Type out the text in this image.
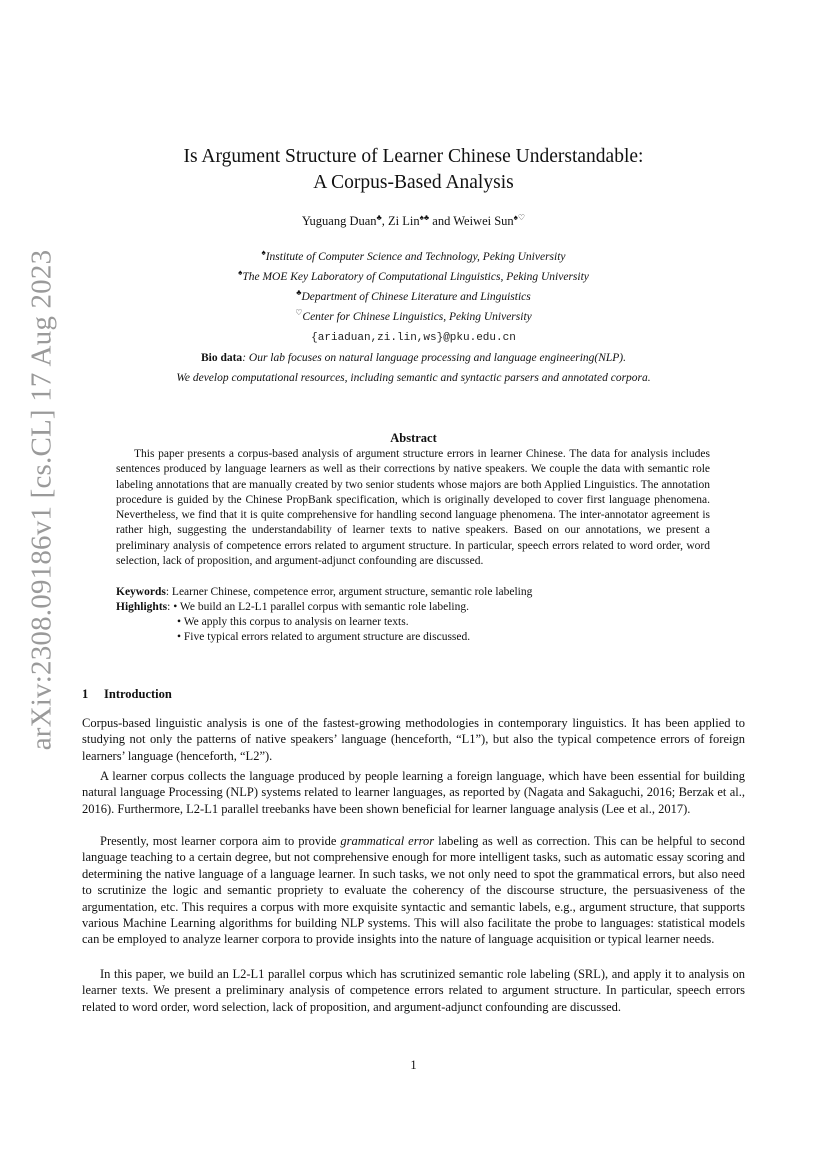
arXiv:2308.09186v1 [cs.CL] 17 Aug 2023
Is Argument Structure of Learner Chinese Understandable:
A Corpus-Based Analysis
Yuguang Duan♣, Zi Lin♠♣ and Weiwei Sun♠♡
♠Institute of Computer Science and Technology, Peking University
♠The MOE Key Laboratory of Computational Linguistics, Peking University
♣Department of Chinese Literature and Linguistics
♡Center for Chinese Linguistics, Peking University
{ariaduan,zi.lin,ws}@pku.edu.cn
Bio data: Our lab focuses on natural language processing and language engineering(NLP).
We develop computational resources, including semantic and syntactic parsers and annotated corpora.
Abstract

This paper presents a corpus-based analysis of argument structure errors in learner Chinese. The data for analysis includes sentences produced by language learners as well as their corrections by native speakers. We couple the data with semantic role labeling annotations that are manually created by two senior students whose majors are both Applied Linguistics. The annotation procedure is guided by the Chinese PropBank specification, which is originally developed to cover first language phenomena. Nevertheless, we find that it is quite comprehensive for handling second language phenomena. The inter-annotator agreement is rather high, suggesting the understandability of learner texts to native speakers. Based on our annotations, we present a preliminary analysis of competence errors related to argument structure. In particular, speech errors related to word order, word selection, lack of proposition, and argument-adjunct confounding are discussed.

Keywords: Learner Chinese, competence error, argument structure, semantic role labeling
Highlights: • We build an L2-L1 parallel corpus with semantic role labeling.
• We apply this corpus to analysis on learner texts.
• Five typical errors related to argument structure are discussed.
1 Introduction

Corpus-based linguistic analysis is one of the fastest-growing methodologies in contemporary linguistics. It has been applied to studying not only the patterns of native speakers’ language (henceforth, “L1”), but also the typical competence errors of foreign learners’ language (henceforth, “L2”).

A learner corpus collects the language produced by people learning a foreign language, which have been essential for building natural language Processing (NLP) systems related to learner languages, as reported by (Nagata and Sakaguchi, 2016; Berzak et al., 2016). Furthermore, L2-L1 parallel treebanks have been shown beneficial for learner language analysis (Lee et al., 2017).

Presently, most learner corpora aim to provide grammatical error labeling as well as correction. This can be helpful to second language teaching to a certain degree, but not comprehensive enough for more intelligent tasks, such as automatic essay scoring and determining the native language of a language learner. In such tasks, we not only need to spot the grammatical errors, but also need to scrutinize the logic and semantic propriety to evaluate the coherency of the discourse structure, the persuasiveness of the argumentation, etc. This requires a corpus with more exquisite syntactic and semantic labels, e.g., argument structure, that supports various Machine Learning algorithms for building NLP systems. This will also facilitate the probe to languages: statistical models can be employed to analyze learner corpora to provide insights into the nature of language acquisition or typical learner needs.

In this paper, we build an L2-L1 parallel corpus which has scrutinized semantic role labeling (SRL), and apply it to analysis on learner texts. We present a preliminary analysis of competence errors related to argument structure. In particular, speech errors related to word order, word selection, lack of proposition, and argument-adjunct confounding are discussed.

1
